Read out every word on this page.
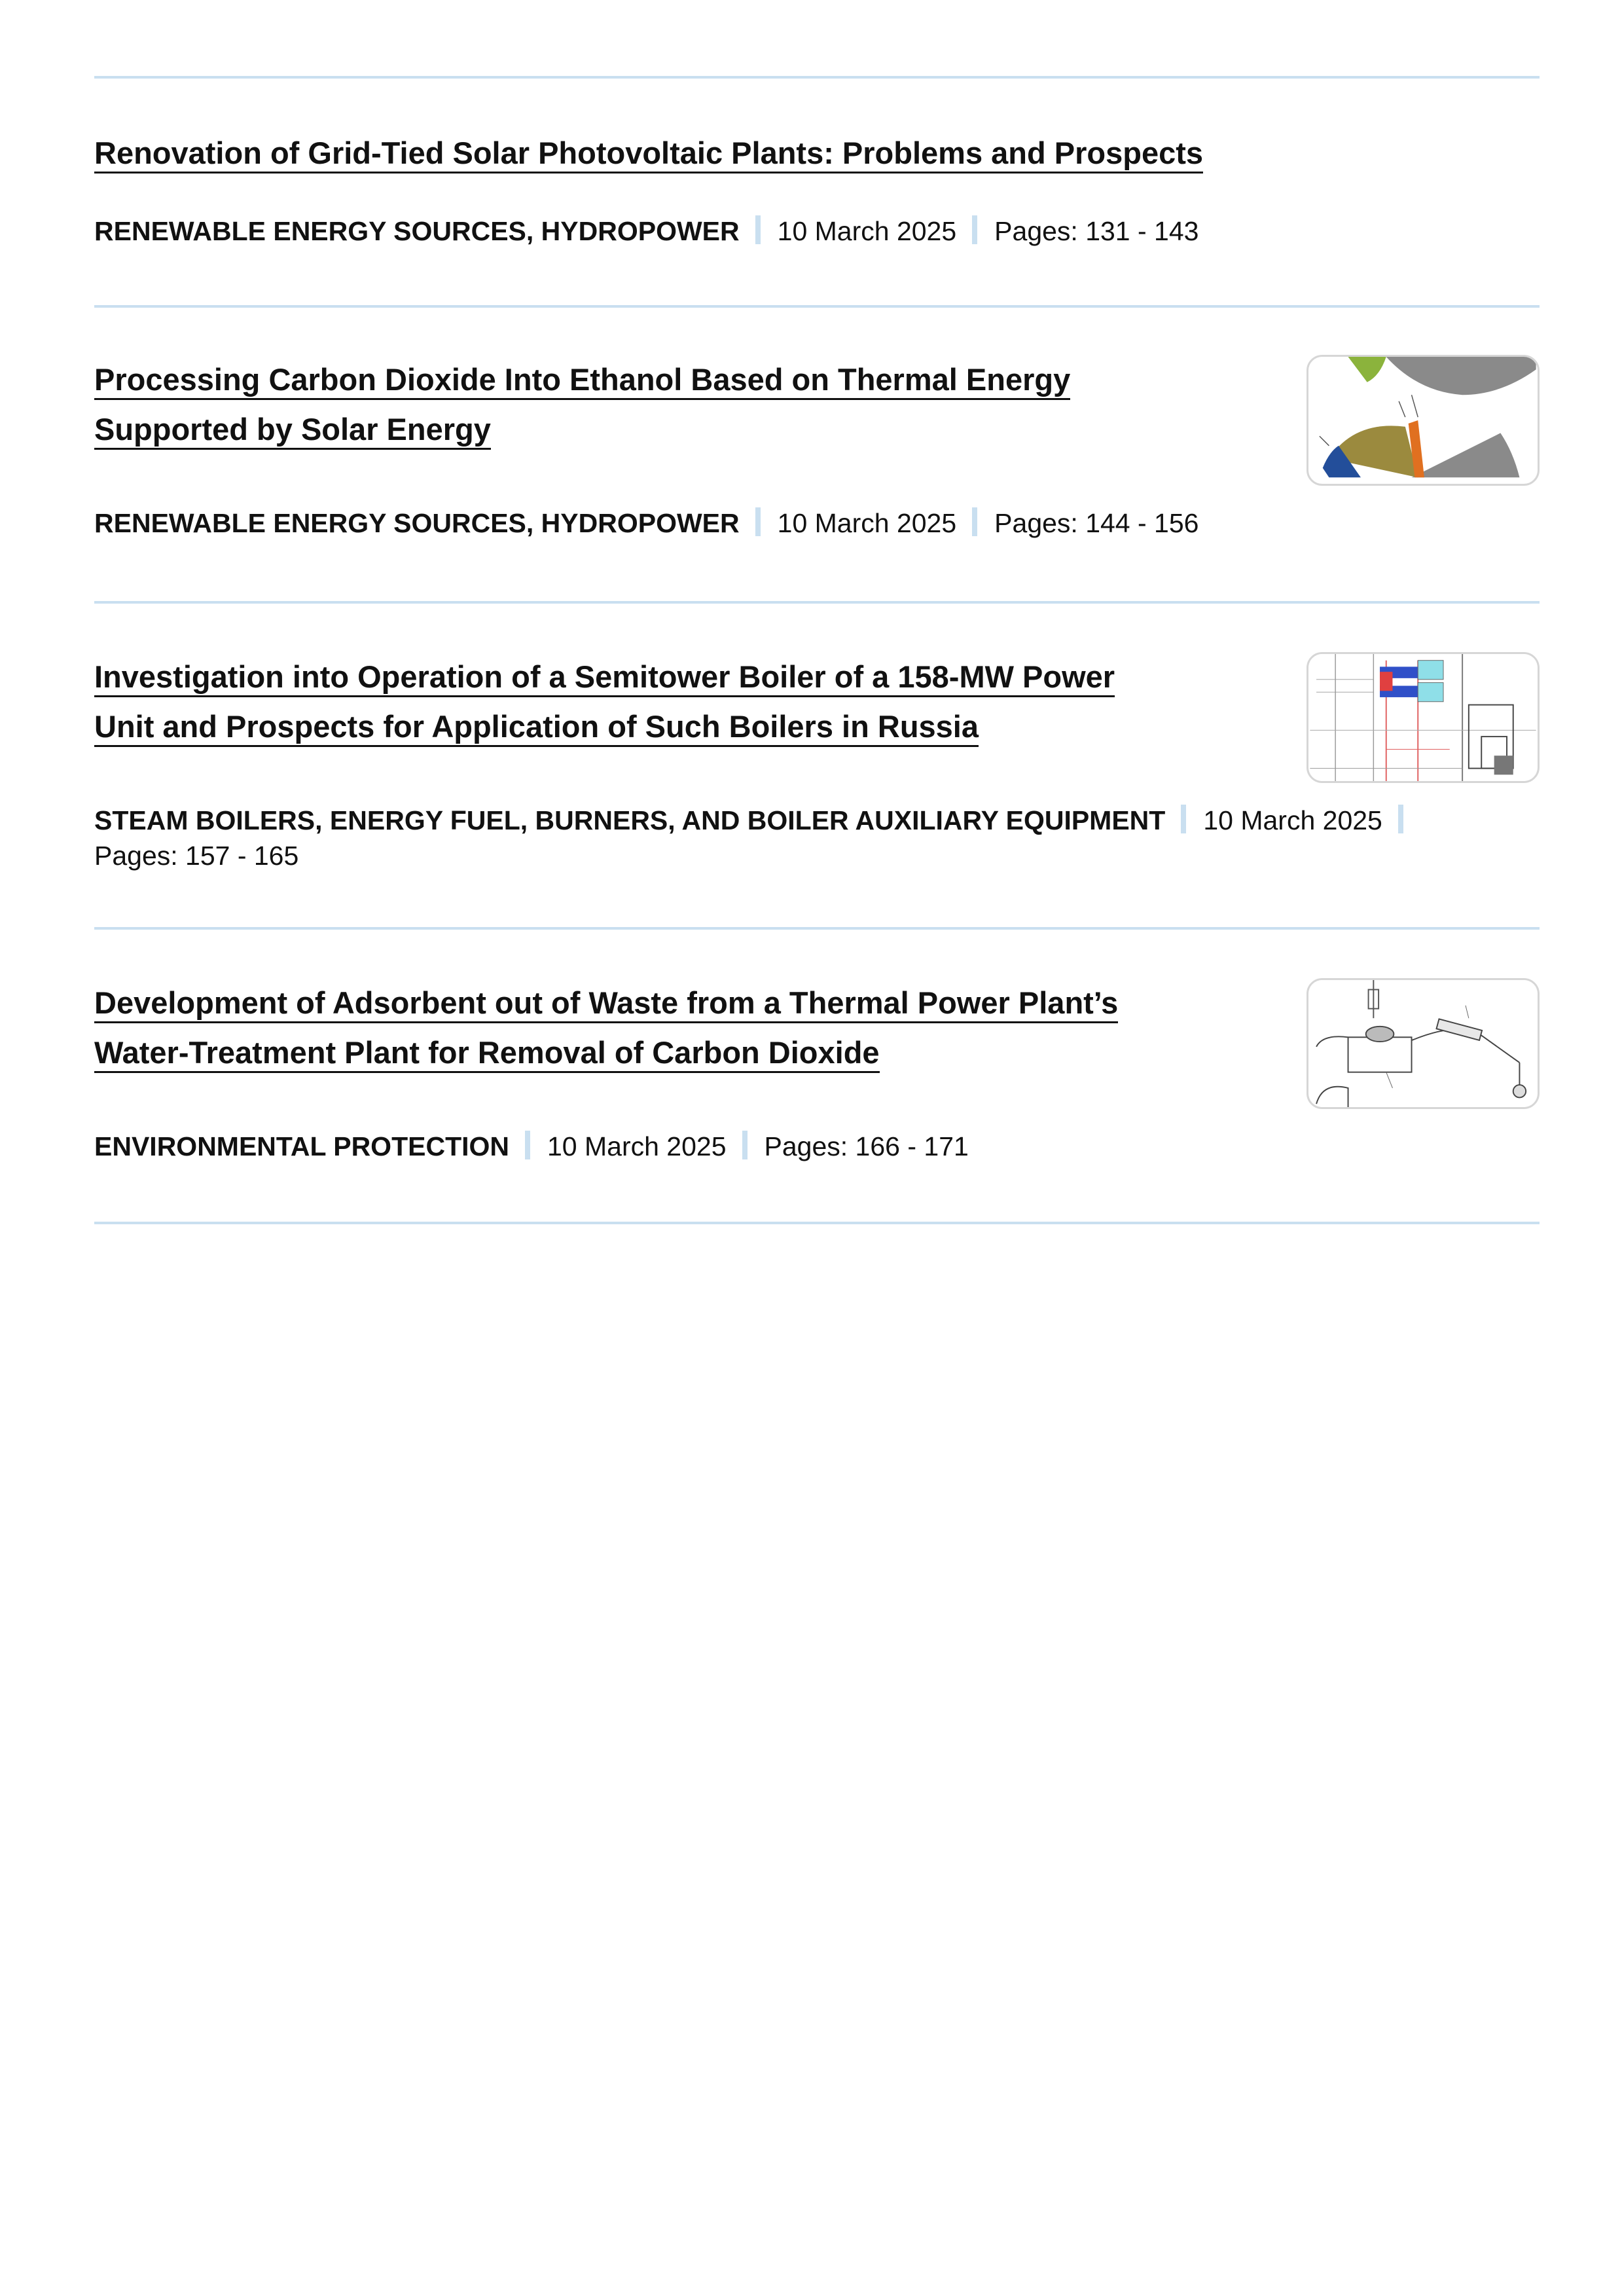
Renovation of Grid-Tied Solar Photovoltaic Plants: Problems and Prospects
RENEWABLE ENERGY SOURCES, HYDROPOWER 10 March 2025 Pages: 131 - 143
Processing Carbon Dioxide Into Ethanol Based on Thermal Energy
Supported by Solar Energy
RENEWABLE ENERGY SOURCES, HYDROPOWER 10 March 2025 Pages: 144 - 156
Investigation into Operation of a Semitower Boiler of a 158-MW Power
Unit and Prospects for Application of Such Boilers in Russia
STEAM BOILERS, ENERGY FUEL, BURNERS, AND BOILER AUXILIARY EQUIPMENT 10 March 2025
Pages: 157 - 165
Development of Adsorbent out of Waste from a Thermal Power Plant’s
Water-Treatment Plant for Removal of Carbon Dioxide
ENVIRONMENTAL PROTECTION 10 March 2025 Pages: 166 - 171
